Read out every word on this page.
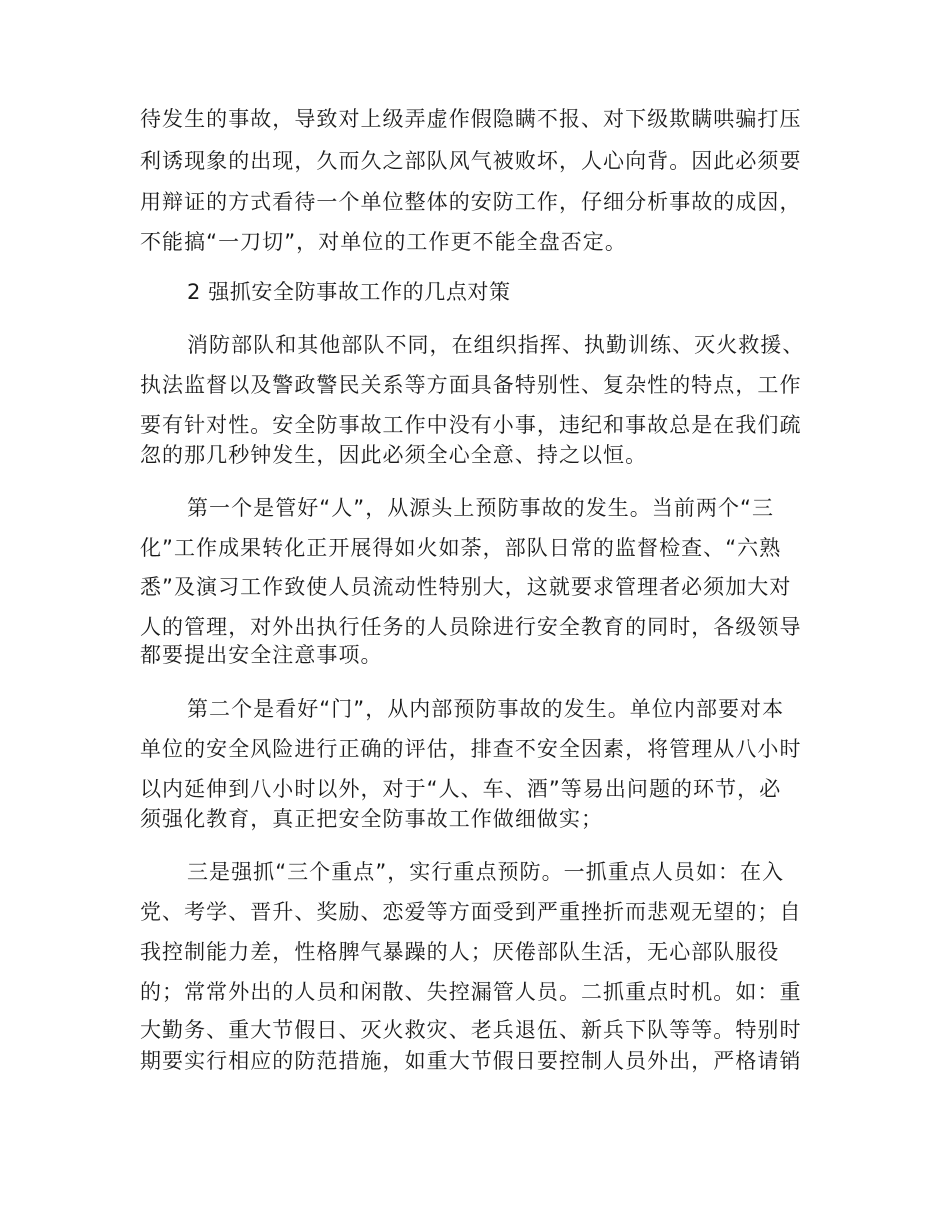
待发生的事故，导致对上级弄虚作假隐瞒不报、对下级欺瞒哄骗打压
利诱现象的出现，久而久之部队风气被败坏，人心向背。因此必须要
用辩证的方式看待一个单位整体的安防工作，仔细分析事故的成因，
不能搞“一刀切”，对单位的工作更不能全盘否定。
2 强抓安全防事故工作的几点对策
消防部队和其他部队不同，在组织指挥、执勤训练、灭火救援、
执法监督以及警政警民关系等方面具备特别性、复杂性的特点，工作
要有针对性。安全防事故工作中没有小事，违纪和事故总是在我们疏
忽的那几秒钟发生，因此必须全心全意、持之以恒。
第一个是管好“人”，从源头上预防事故的发生。当前两个“三
化”工作成果转化正开展得如火如荼，部队日常的监督检查、“六熟
悉”及演习工作致使人员流动性特别大，这就要求管理者必须加大对
人的管理，对外出执行任务的人员除进行安全教育的同时，各级领导
都要提出安全注意事项。
第二个是看好“门”，从内部预防事故的发生。单位内部要对本
单位的安全风险进行正确的评估，排查不安全因素，将管理从八小时
以内延伸到八小时以外，对于“人、车、酒”等易出问题的环节，必
须强化教育，真正把安全防事故工作做细做实；
三是强抓“三个重点”，实行重点预防。一抓重点人员如：在入
党、考学、晋升、奖励、恋爱等方面受到严重挫折而悲观无望的；自
我控制能力差，性格脾气暴躁的人；厌倦部队生活，无心部队服役
的；常常外出的人员和闲散、失控漏管人员。二抓重点时机。如：重
大勤务、重大节假日、灭火救灾、老兵退伍、新兵下队等等。特别时
期要实行相应的防范措施，如重大节假日要控制人员外出，严格请销
